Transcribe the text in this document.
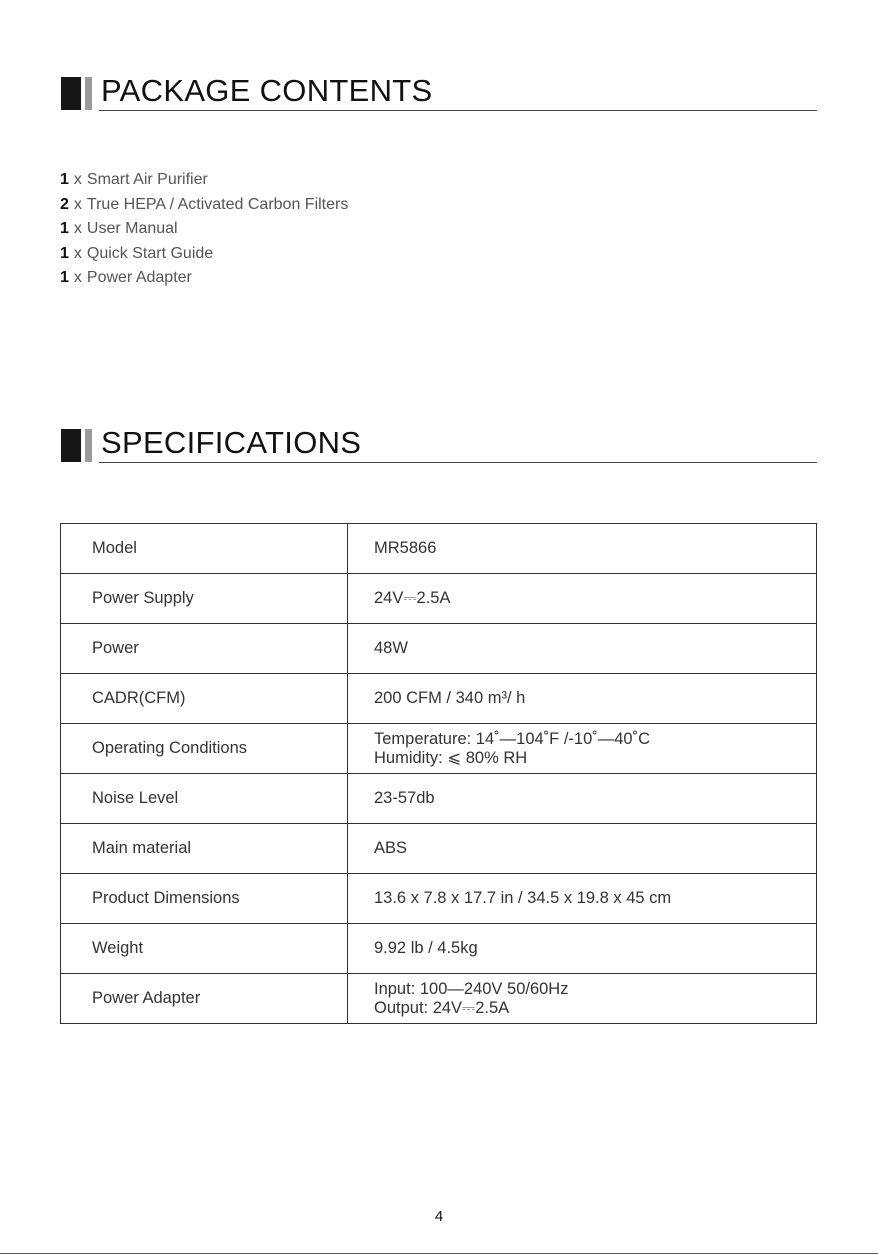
PACKAGE CONTENTS
1 x Smart Air Purifier
2 x True HEPA / Activated Carbon Filters
1 x User Manual
1 x Quick Start Guide
1 x Power Adapter
SPECIFICATIONS
Model	MR5866

Power Supply	24V⎓2.5A

Power	48W

CADR(CFM)	200 CFM / 340 m³/ h

Operating Conditions	Temperature: 14˚—104˚F /-10˚—40˚C
Humidity: ⩽ 80% RH

Noise Level	23-57db

Main material	ABS

Product Dimensions	13.6 x 7.8 x 17.7 in / 34.5 x 19.8 x 45 cm

Weight	9.92 lb / 4.5kg

Power Adapter	Input: 100—240V 50/60Hz
Output: 24V⎓2.5A
4
